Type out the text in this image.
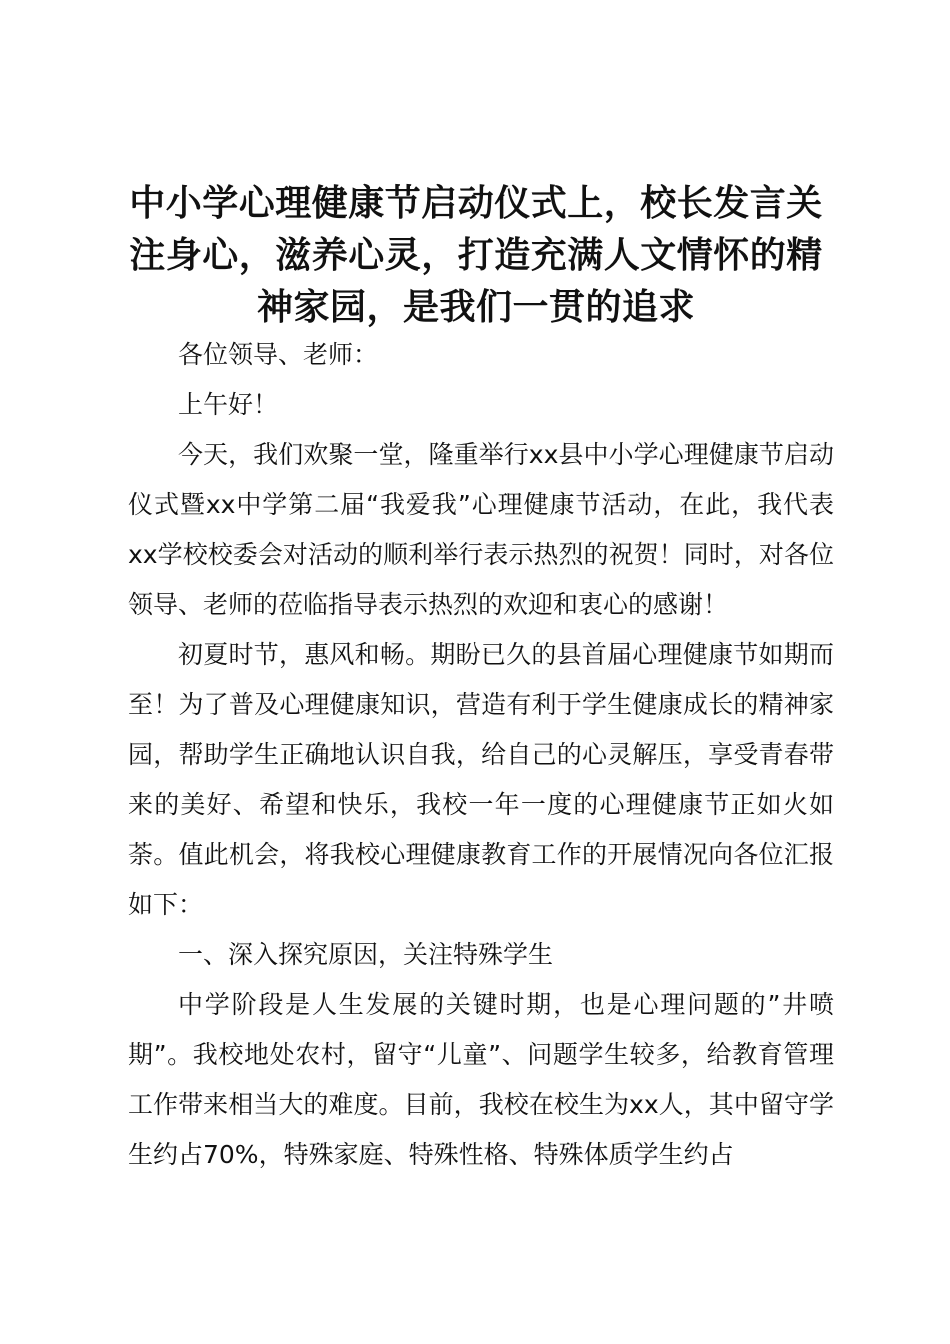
中小学心理健康节启动仪式上，校长发言关注身心，滋养心灵，打造充满人文情怀的精神家园，是我们一贯的追求

各位领导、老师：

上午好！

今天，我们欢聚一堂，隆重举行xx县中小学心理健康节启动仪式暨xx中学第二届“我爱我”心理健康节活动，在此，我代表xx学校校委会对活动的顺利举行表示热烈的祝贺！同时，对各位领导、老师的莅临指导表示热烈的欢迎和衷心的感谢！

初夏时节，惠风和畅。期盼已久的县首届心理健康节如期而至！为了普及心理健康知识，营造有利于学生健康成长的精神家园，帮助学生正确地认识自我，给自己的心灵解压，享受青春带来的美好、希望和快乐，我校一年一度的心理健康节正如火如荼。值此机会，将我校心理健康教育工作的开展情况向各位汇报如下：

一、深入探究原因，关注特殊学生

中学阶段是人生发展的关键时期，也是心理问题的”井喷期”。我校地处农村，留守“儿童”、问题学生较多，给教育管理工作带来相当大的难度。目前，我校在校生为xx人，其中留守学生约占70%，特殊家庭、特殊性格、特殊体质学生约占
